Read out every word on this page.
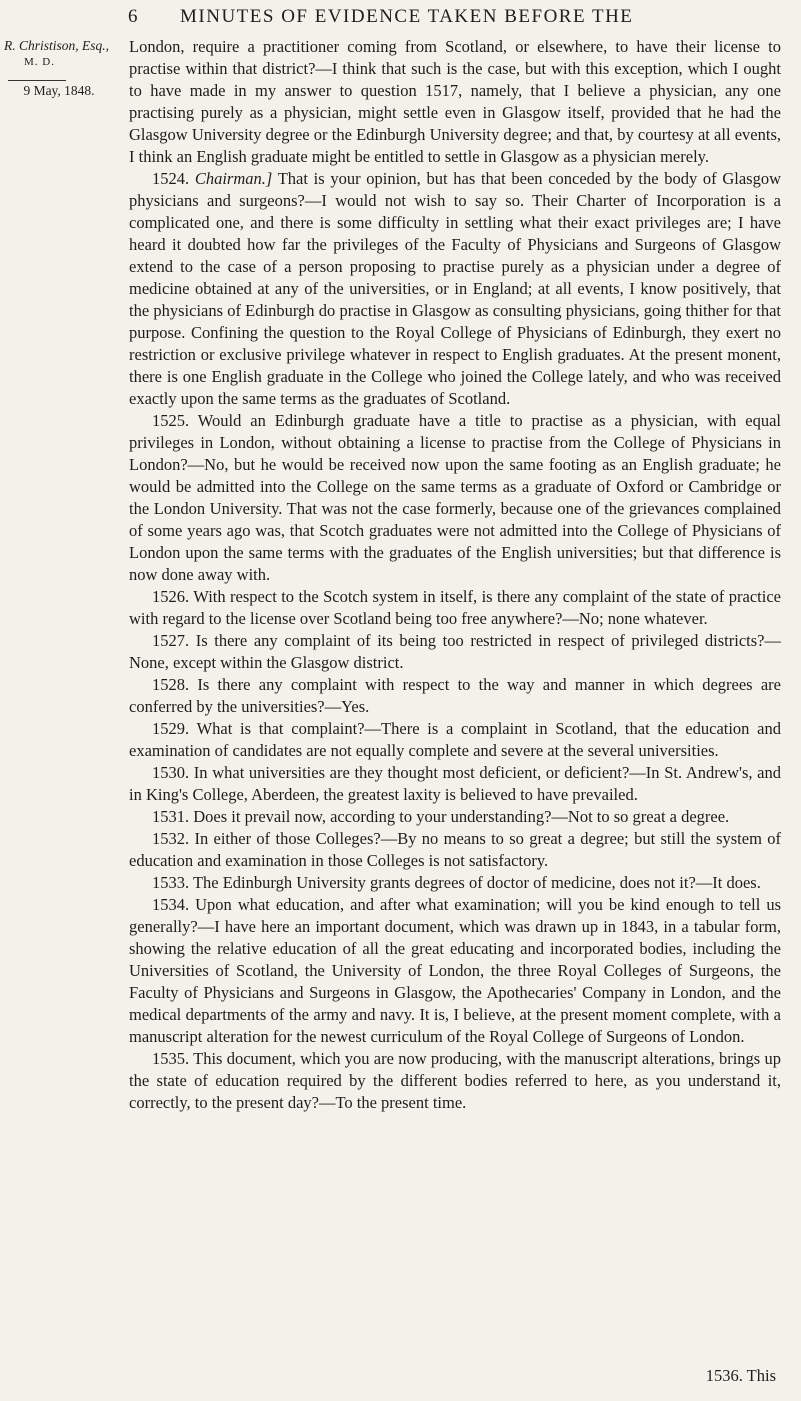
6 MINUTES OF EVIDENCE TAKEN BEFORE THE
R. Christison, Esq.,
M. D.
9 May, 1848.

London, require a practitioner coming from Scotland, or elsewhere, to have their license to practise within that district?—I think that such is the case, but with this exception, which I ought to have made in my answer to question 1517, namely, that I believe a physician, any one practising purely as a physician, might settle even in Glasgow itself, provided that he had the Glasgow University degree or the Edinburgh University degree; and that, by courtesy at all events, I think an English graduate might be entitled to settle in Glasgow as a physician merely.

1524. Chairman.] That is your opinion, but has that been conceded by the body of Glasgow physicians and surgeons?—I would not wish to say so. Their Charter of Incorporation is a complicated one, and there is some difficulty in settling what their exact privileges are; I have heard it doubted how far the privileges of the Faculty of Physicians and Surgeons of Glasgow extend to the case of a person proposing to practise purely as a physician under a degree of medicine obtained at any of the universities, or in England; at all events, I know positively, that the physicians of Edinburgh do practise in Glasgow as consulting physicians, going thither for that purpose. Confining the question to the Royal College of Physicians of Edinburgh, they exert no restriction or exclusive privilege whatever in respect to English graduates. At the present monent, there is one English graduate in the College who joined the College lately, and who was received exactly upon the same terms as the graduates of Scotland.

1525. Would an Edinburgh graduate have a title to practise as a physician, with equal privileges in London, without obtaining a license to practise from the College of Physicians in London?—No, but he would be received now upon the same footing as an English graduate; he would be admitted into the College on the same terms as a graduate of Oxford or Cambridge or the London University. That was not the case formerly, because one of the grievances complained of some years ago was, that Scotch graduates were not admitted into the College of Physicians of London upon the same terms with the graduates of the English universities; but that difference is now done away with.

1526. With respect to the Scotch system in itself, is there any complaint of the state of practice with regard to the license over Scotland being too free anywhere?—No; none whatever.

1527. Is there any complaint of its being too restricted in respect of privileged districts?—None, except within the Glasgow district.

1528. Is there any complaint with respect to the way and manner in which degrees are conferred by the universities?—Yes.

1529. What is that complaint?—There is a complaint in Scotland, that the education and examination of candidates are not equally complete and severe at the several universities.

1530. In what universities are they thought most deficient, or deficient?—In St. Andrew's, and in King's College, Aberdeen, the greatest laxity is believed to have prevailed.

1531. Does it prevail now, according to your understanding?—Not to so great a degree.

1532. In either of those Colleges?—By no means to so great a degree; but still the system of education and examination in those Colleges is not satisfactory.

1533. The Edinburgh University grants degrees of doctor of medicine, does not it?—It does.

1534. Upon what education, and after what examination; will you be kind enough to tell us generally?—I have here an important document, which was drawn up in 1843, in a tabular form, showing the relative education of all the great educating and incorporated bodies, including the Universities of Scotland, the University of London, the three Royal Colleges of Surgeons, the Faculty of Physicians and Surgeons in Glasgow, the Apothecaries' Company in London, and the medical departments of the army and navy. It is, I believe, at the present moment complete, with a manuscript alteration for the newest curriculum of the Royal College of Surgeons of London.

1535. This document, which you are now producing, with the manuscript alterations, brings up the state of education required by the different bodies referred to here, as you understand it, correctly, to the present day?—To the present time.

1536. This
